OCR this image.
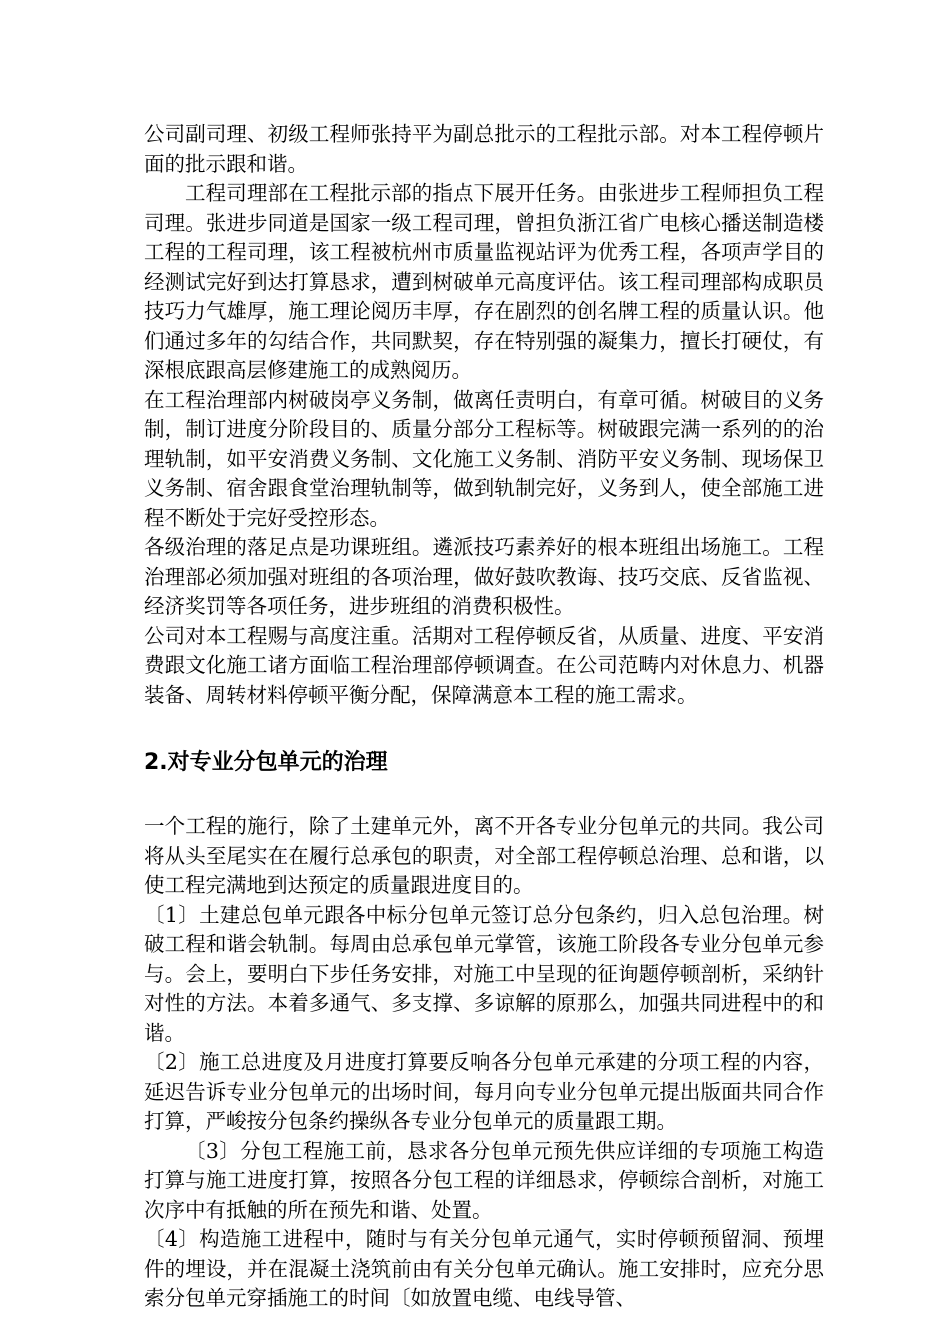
公司副司理、初级工程师张持平为副总批示的工程批示部。对本工程停顿片面的批示跟和谐。

工程司理部在工程批示部的指点下展开任务。由张进步工程师担负工程司理。张进步同道是国家一级工程司理，曾担负浙江省广电核心播送制造楼工程的工程司理，该工程被杭州市质量监视站评为优秀工程，各项声学目的经测试完好到达打算恳求，遭到树破单元高度评估。该工程司理部构成职员技巧力气雄厚，施工理论阅历丰厚，存在剧烈的创名牌工程的质量认识。他们通过多年的勾结合作，共同默契，存在特别强的凝集力，擅长打硬仗，有深根底跟高层修建施工的成熟阅历。

在工程治理部内树破岗亭义务制，做离任责明白，有章可循。树破目的义务制，制订进度分阶段目的、质量分部分工程标等。树破跟完满一系列的的治理轨制，如平安消费义务制、文化施工义务制、消防平安义务制、现场保卫义务制、宿舍跟食堂治理轨制等，做到轨制完好，义务到人，使全部施工进程不断处于完好受控形态。

各级治理的落足点是功课班组。遴派技巧素养好的根本班组出场施工。工程治理部必须加强对班组的各项治理，做好鼓吹教诲、技巧交底、反省监视、经济奖罚等各项任务，进步班组的消费积极性。

公司对本工程赐与高度注重。活期对工程停顿反省，从质量、进度、平安消费跟文化施工诸方面临工程治理部停顿调查。在公司范畴内对休息力、机器装备、周转材料停顿平衡分配，保障满意本工程的施工需求。

2.对专业分包单元的治理

一个工程的施行，除了土建单元外，离不开各专业分包单元的共同。我公司将从头至尾实在在履行总承包的职责，对全部工程停顿总治理、总和谐，以使工程完满地到达预定的质量跟进度目的。

〔1〕土建总包单元跟各中标分包单元签订总分包条约，归入总包治理。树破工程和谐会轨制。每周由总承包单元掌管，该施工阶段各专业分包单元参与。会上，要明白下步任务安排，对施工中呈现的征询题停顿剖析，采纳针对性的方法。本着多通气、多支撑、多谅解的原那么，加强共同进程中的和谐。

〔2〕施工总进度及月进度打算要反响各分包单元承建的分项工程的内容，延迟告诉专业分包单元的出场时间，每月向专业分包单元提出版面共同合作打算，严峻按分包条约操纵各专业分包单元的质量跟工期。

〔3〕分包工程施工前，恳求各分包单元预先供应详细的专项施工构造打算与施工进度打算，按照各分包工程的详细恳求，停顿综合剖析，对施工次序中有抵触的所在预先和谐、处置。

〔4〕构造施工进程中，随时与有关分包单元通气，实时停顿预留洞、预埋件的埋设，并在混凝土浇筑前由有关分包单元确认。施工安排时，应充分思索分包单元穿插施工的时间〔如放置电缆、电线导管、
